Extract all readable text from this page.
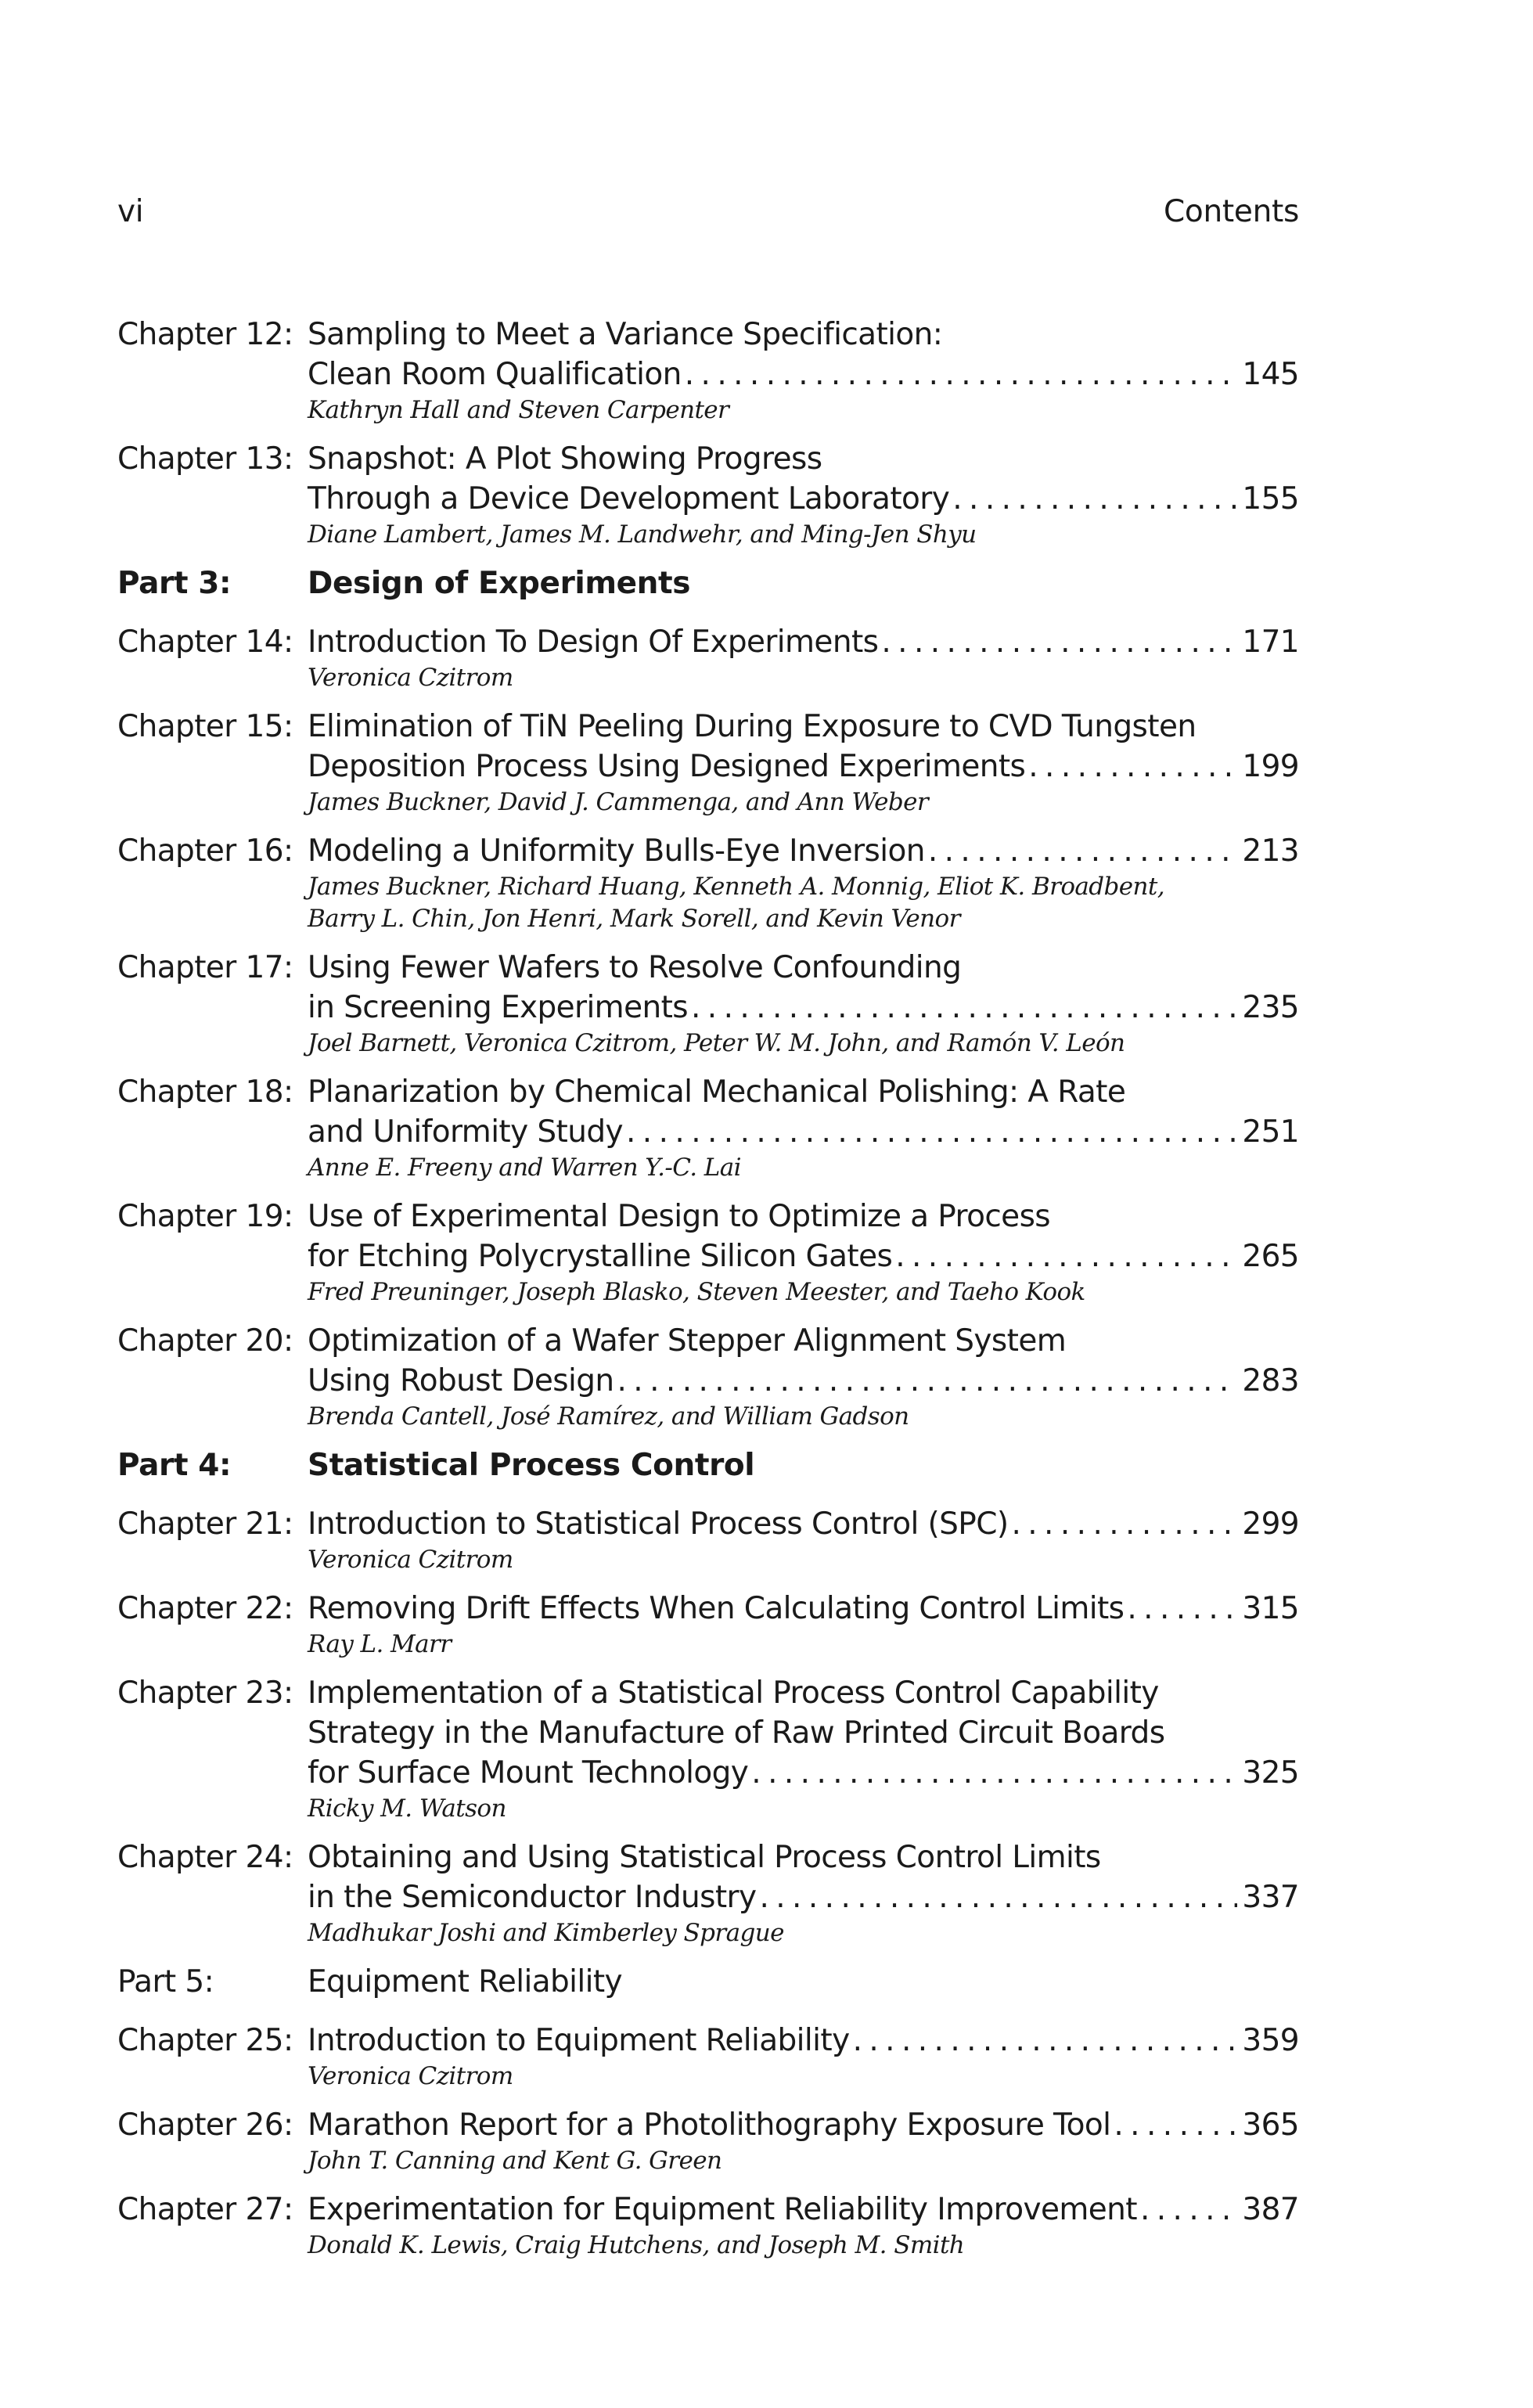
vi	Contents
Chapter 12: Sampling to Meet a Variance Specification:
Clean Room Qualification . . .	145
Kathryn Hall and Steven Carpenter
Chapter 13: Snapshot: A Plot Showing Progress
Through a Device Development Laboratory . . .	155
Diane Lambert, James M. Landwehr, and Ming-Jen Shyu
Part 3:	Design of Experiments
Chapter 14: Introduction To Design Of Experiments . . .	171
Veronica Czitrom
Chapter 15: Elimination of TiN Peeling During Exposure to CVD Tungsten
Deposition Process Using Designed Experiments . . .	199
James Buckner, David J. Cammenga, and Ann Weber
Chapter 16: Modeling a Uniformity Bulls-Eye Inversion . . .	213
James Buckner, Richard Huang, Kenneth A. Monnig, Eliot K. Broadbent,
Barry L. Chin, Jon Henri, Mark Sorell, and Kevin Venor
Chapter 17: Using Fewer Wafers to Resolve Confounding
in Screening Experiments . . .	235
Joel Barnett, Veronica Czitrom, Peter W. M. John, and Ramón V. León
Chapter 18: Planarization by Chemical Mechanical Polishing: A Rate
and Uniformity Study . . .	251
Anne E. Freeny and Warren Y.-C. Lai
Chapter 19: Use of Experimental Design to Optimize a Process
for Etching Polycrystalline Silicon Gates . . .	265
Fred Preuninger, Joseph Blasko, Steven Meester, and Taeho Kook
Chapter 20: Optimization of a Wafer Stepper Alignment System
Using Robust Design . . .	283
Brenda Cantell, José Ramírez, and William Gadson
Part 4:	Statistical Process Control
Chapter 21: Introduction to Statistical Process Control (SPC) . . .	299
Veronica Czitrom
Chapter 22: Removing Drift Effects When Calculating Control Limits . . .	315
Ray L. Marr
Chapter 23: Implementation of a Statistical Process Control Capability
Strategy in the Manufacture of Raw Printed Circuit Boards
for Surface Mount Technology . . .	325
Ricky M. Watson
Chapter 24: Obtaining and Using Statistical Process Control Limits
in the Semiconductor Industry . . .	337
Madhukar Joshi and Kimberley Sprague
Part 5:	Equipment Reliability
Chapter 25: Introduction to Equipment Reliability . . .	359
Veronica Czitrom
Chapter 26: Marathon Report for a Photolithography Exposure Tool . . .	365
John T. Canning and Kent G. Green
Chapter 27: Experimentation for Equipment Reliability Improvement . . .	387
Donald K. Lewis, Craig Hutchens, and Joseph M. Smith
